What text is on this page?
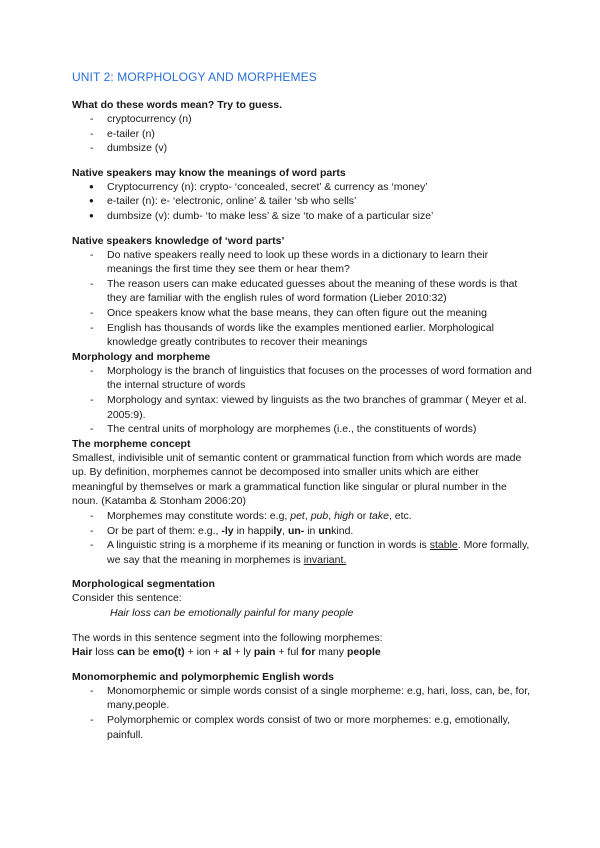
UNIT 2: MORPHOLOGY AND MORPHEMES
What do these words mean? Try to guess.
- cryptocurrency (n)
- e-tailer (n)
- dumbsize (v)
Native speakers may know the meanings of word parts
● Cryptocurrency (n): crypto- ‘concealed, secret’ & currency as ‘money’
● e-tailer (n): e- ‘electronic, online’ & tailer ‘sb who sells’
● dumbsize (v): dumb- ‘to make less’ & size ‘to make of a particular size’
Native speakers knowledge of ‘word parts’
- Do native speakers really need to look up these words in a dictionary to learn their meanings the first time they see them or hear them?
- The reason users can make educated guesses about the meaning of these words is that they are familiar with the english rules of word formation (Lieber 2010:32)
- Once speakers know what the base means, they can often figure out the meaning
- English has thousands of words like the examples mentioned earlier. Morphological knowledge greatly contributes to recover their meanings
Morphology and morpheme
- Morphology is the branch of linguistics that focuses on the processes of word formation and the internal structure of words
- Morphology and syntax: viewed by linguists as the two branches of grammar ( Meyer et al. 2005:9).
- The central units of morphology are morphemes (i.e., the constituents of words)
The morpheme concept

Smallest, indivisible unit of semantic content or grammatical function from which words are made up. By definition, morphemes cannot be decomposed into smaller units which are either meaningful by themselves or mark a grammatical function like singular or plural number in the noun. (Katamba & Stonham 2006:20)

- Morphemes may constitute words: e.g, pet, pub, high or take, etc.
- Or be part of them: e.g., -ly in happily, un- in unkind.
- A linguistic string is a morpheme if its meaning or function in words is stable. More formally, we say that the meaning in morphemes is invariant.
Morphological segmentation

Consider this sentence:

Hair loss can be emotionally painful for many people

The words in this sentence segment into the following morphemes:

Hair loss can be emo(t) + ion + al + ly pain + ful for many people

Monomorphemic and polymorphemic English words
- Monomorphemic or simple words consist of a single morpheme: e.g, hari, loss, can, be, for, many,people.
- Polymorphemic or complex words consist of two or more morphemes: e.g, emotionally, painfull.
